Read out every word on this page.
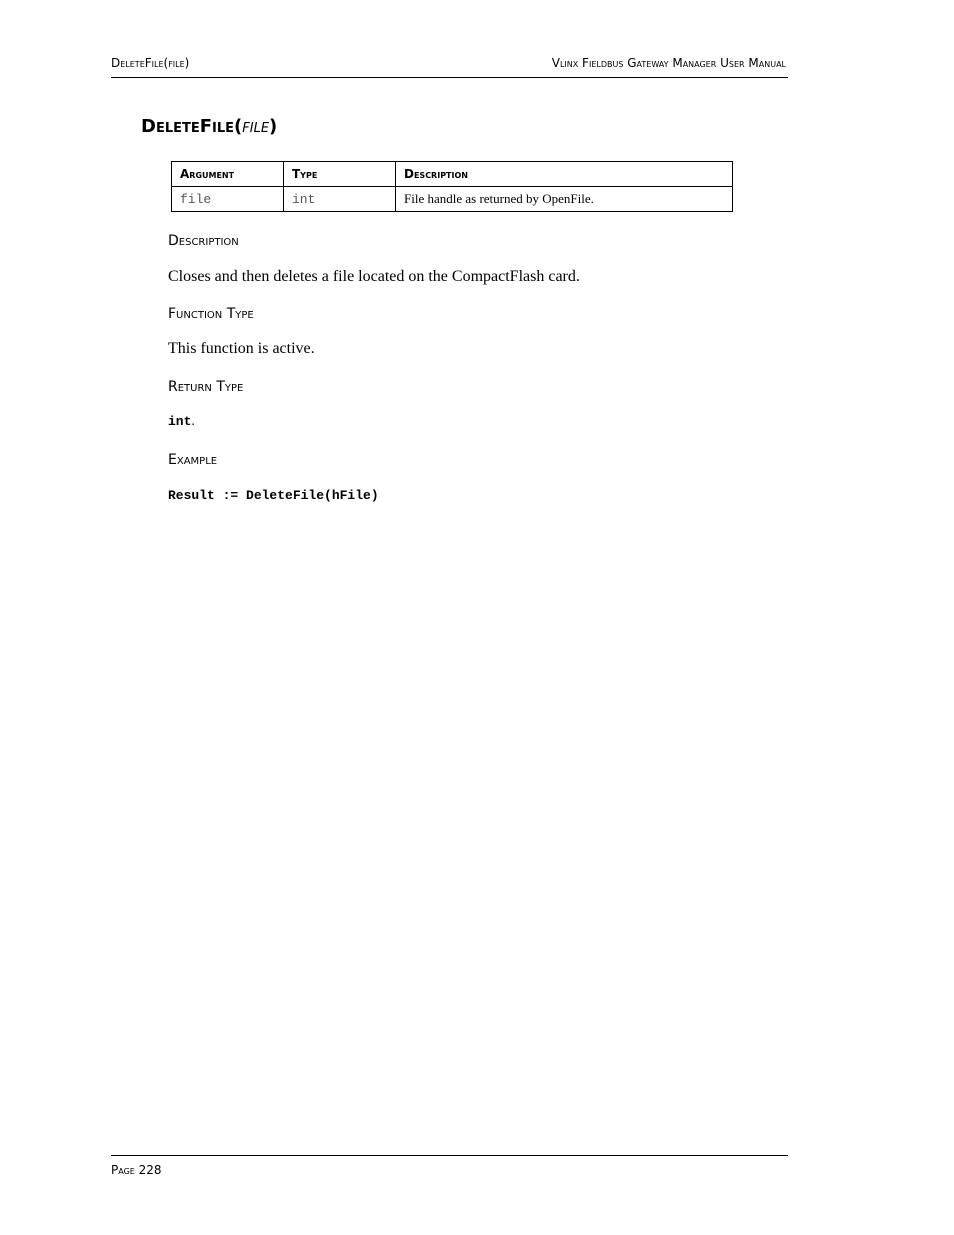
DeleteFile(file)	Vlinx Fieldbus Gateway Manager User Manual
DeleteFile(file)
Argument	Type	Description
file	int	File handle as returned by OpenFile.
Description
Closes and then deletes a file located on the CompactFlash card.
Function Type
This function is active.
Return Type
int.
Example
Result := DeleteFile(hFile)
Page 228
